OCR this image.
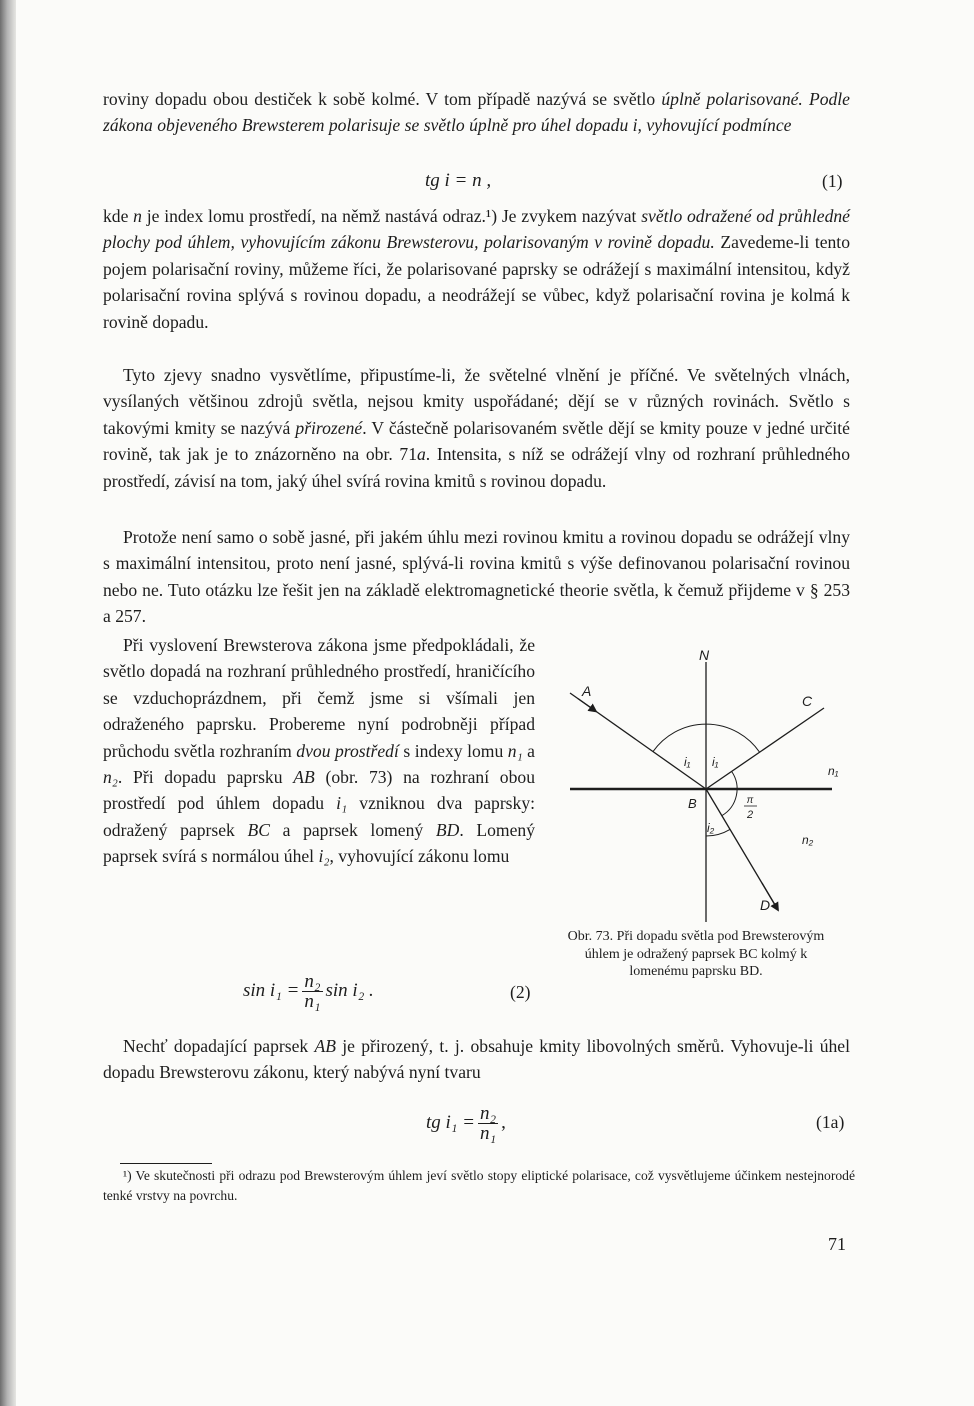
roviny dopadu obou destiček k sobě kolmé. V tom případě nazývá se světlo úplně polarisované. Podle zákona objeveného Brewsterem polarisuje se světlo úplně pro úhel dopadu i, vyhovující podmínce

tg i = n ,	(1)

kde n je index lomu prostředí, na němž nastává odraz.¹) Je zvykem nazývat světlo odražené od průhledné plochy pod úhlem, vyhovujícím zákonu Brewsterovu, polarisovaným v rovině dopadu. Zavedeme-li tento pojem polarisační roviny, můžeme říci, že polarisované paprsky se odrážejí s maximální intensitou, když polarisační rovina splývá s rovinou dopadu, a neodrážejí se vůbec, když polarisační rovina je kolmá k rovině dopadu.

Tyto zjevy snadno vysvětlíme, připustíme-li, že světelné vlnění je příčné. Ve světelných vlnách, vysílaných většinou zdrojů světla, nejsou kmity uspořádané; dějí se v různých rovinách. Světlo s takovými kmity se nazývá přirozené. V částečně polarisovaném světle dějí se kmity pouze v jedné určité rovině, tak jak je to znázorněno na obr. 71a. Intensita, s níž se odrážejí vlny od rozhraní průhledného prostředí, závisí na tom, jaký úhel svírá rovina kmitů s rovinou dopadu.

Protože není samo o sobě jasné, při jakém úhlu mezi rovinou kmitu a rovinou dopadu se odrážejí vlny s maximální intensitou, proto není jasné, splývá-li rovina kmitů s výše definovanou polarisační rovinou nebo ne. Tuto otázku lze řešit jen na základě elektromagnetické theorie světla, k čemuž přijdeme v § 253 a 257.

Při vyslovení Brewsterova zákona jsme předpokládali, že světlo dopadá na rozhraní průhledného prostředí, hraničícího se vzduchoprázdnem, při čemž jsme si všímali jen odraženého paprsku. Probereme nyní podrobněji případ průchodu světla rozhraním dvou prostředí s indexy lomu n₁ a n₂. Při dopadu paprsku AB (obr. 73) na rozhraní obou prostředí pod úhlem dopadu i₁ vzniknou dva paprsky: odražený paprsek BC a paprsek lomený BD. Lomený paprsek svírá s normálou úhel i₂, vyhovující zákonu lomu

N
A
C
B
D
n₁
n₂
i₁ i₁
i₂
π
2
Obr. 73. Při dopadu světla pod Brewsterovým úhlem je odražený paprsek BC kolmý k lomenému paprsku BD.
$\sin i_1 = \frac{\text{n₂}}{\text{n₁}}$ sin i₂ .	(2)

Nechť dopadající paprsek AB je přirozený, t. j. obsahuje kmity libovolných směrů. Vyhovuje-li úhel dopadu Brewsterovu zákonu, který nabývá nyní tvaru

tg $i_1 = \frac{\text{n₂}}{\text{n₁}}$ ,	(1a)
¹) Ve skutečnosti při odrazu pod Brewsterovým úhlem jeví světlo stopy eliptické polarisace, což vysvětlujeme účinkem nestejnorodé tenké vrstvy na povrchu.
71
